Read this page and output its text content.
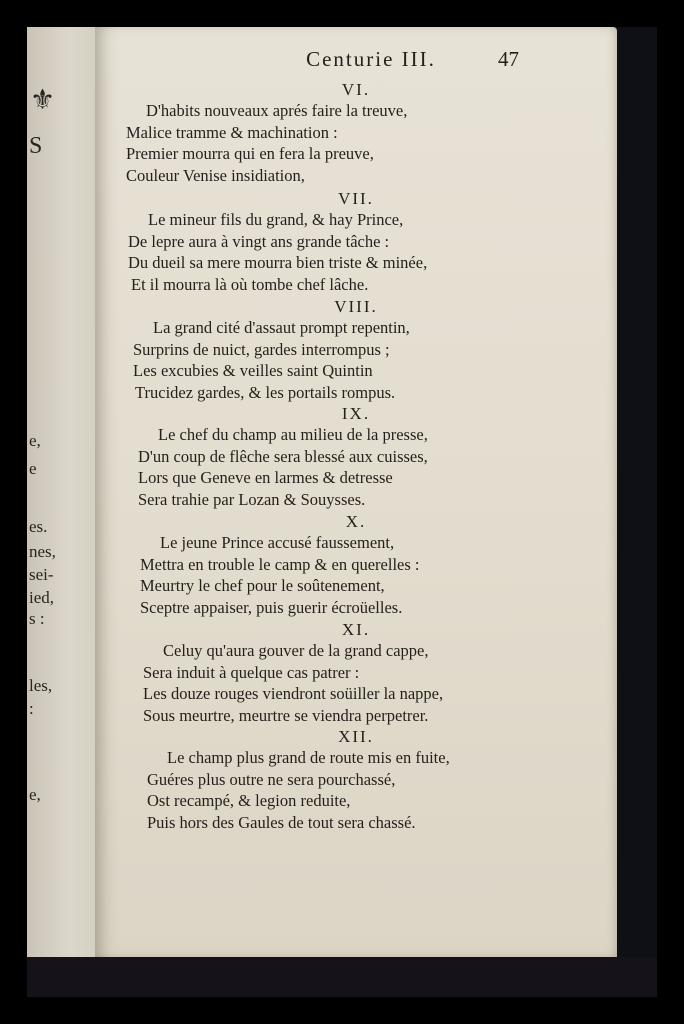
⚜

S

e,

e

es.

nes,

sei-

ied,

s :

les,

:

e,

Centurie III.	47

VI.

D'habits nouveaux aprés faire la treuve,

Malice tramme & machination :

Premier mourra qui en fera la preuve,

Couleur Venise insidiation,

VII.

Le mineur fils du grand, & hay Prince,

De lepre aura à vingt ans grande tâche :

Du dueil sa mere mourra bien triste & minée,

Et il mourra là où tombe chef lâche.

VIII.

La grand cité d'assaut prompt repentin,

Surprins de nuict, gardes interrompus ;

Les excubies & veilles saint Quintin

Trucidez gardes, & les portails rompus.

IX.

Le chef du champ au milieu de la presse,

D'un coup de flêche sera blessé aux cuisses,

Lors que Geneve en larmes & detresse

Sera trahie par Lozan & Souysses.

X.

Le jeune Prince accusé faussement,

Mettra en trouble le camp & en querelles :

Meurtry le chef pour le soûtenement,

Sceptre appaiser, puis guerir écroüelles.

XI.

Celuy qu'aura gouver de la grand cappe,

Sera induit à quelque cas patrer :

Les douze rouges viendront soüiller la nappe,

Sous meurtre, meurtre se viendra perpetrer.

XII.

Le champ plus grand de route mis en fuite,

Guéres plus outre ne sera pourchassé,

Ost recampé, & legion reduite,

Puis hors des Gaules de tout sera chassé.
